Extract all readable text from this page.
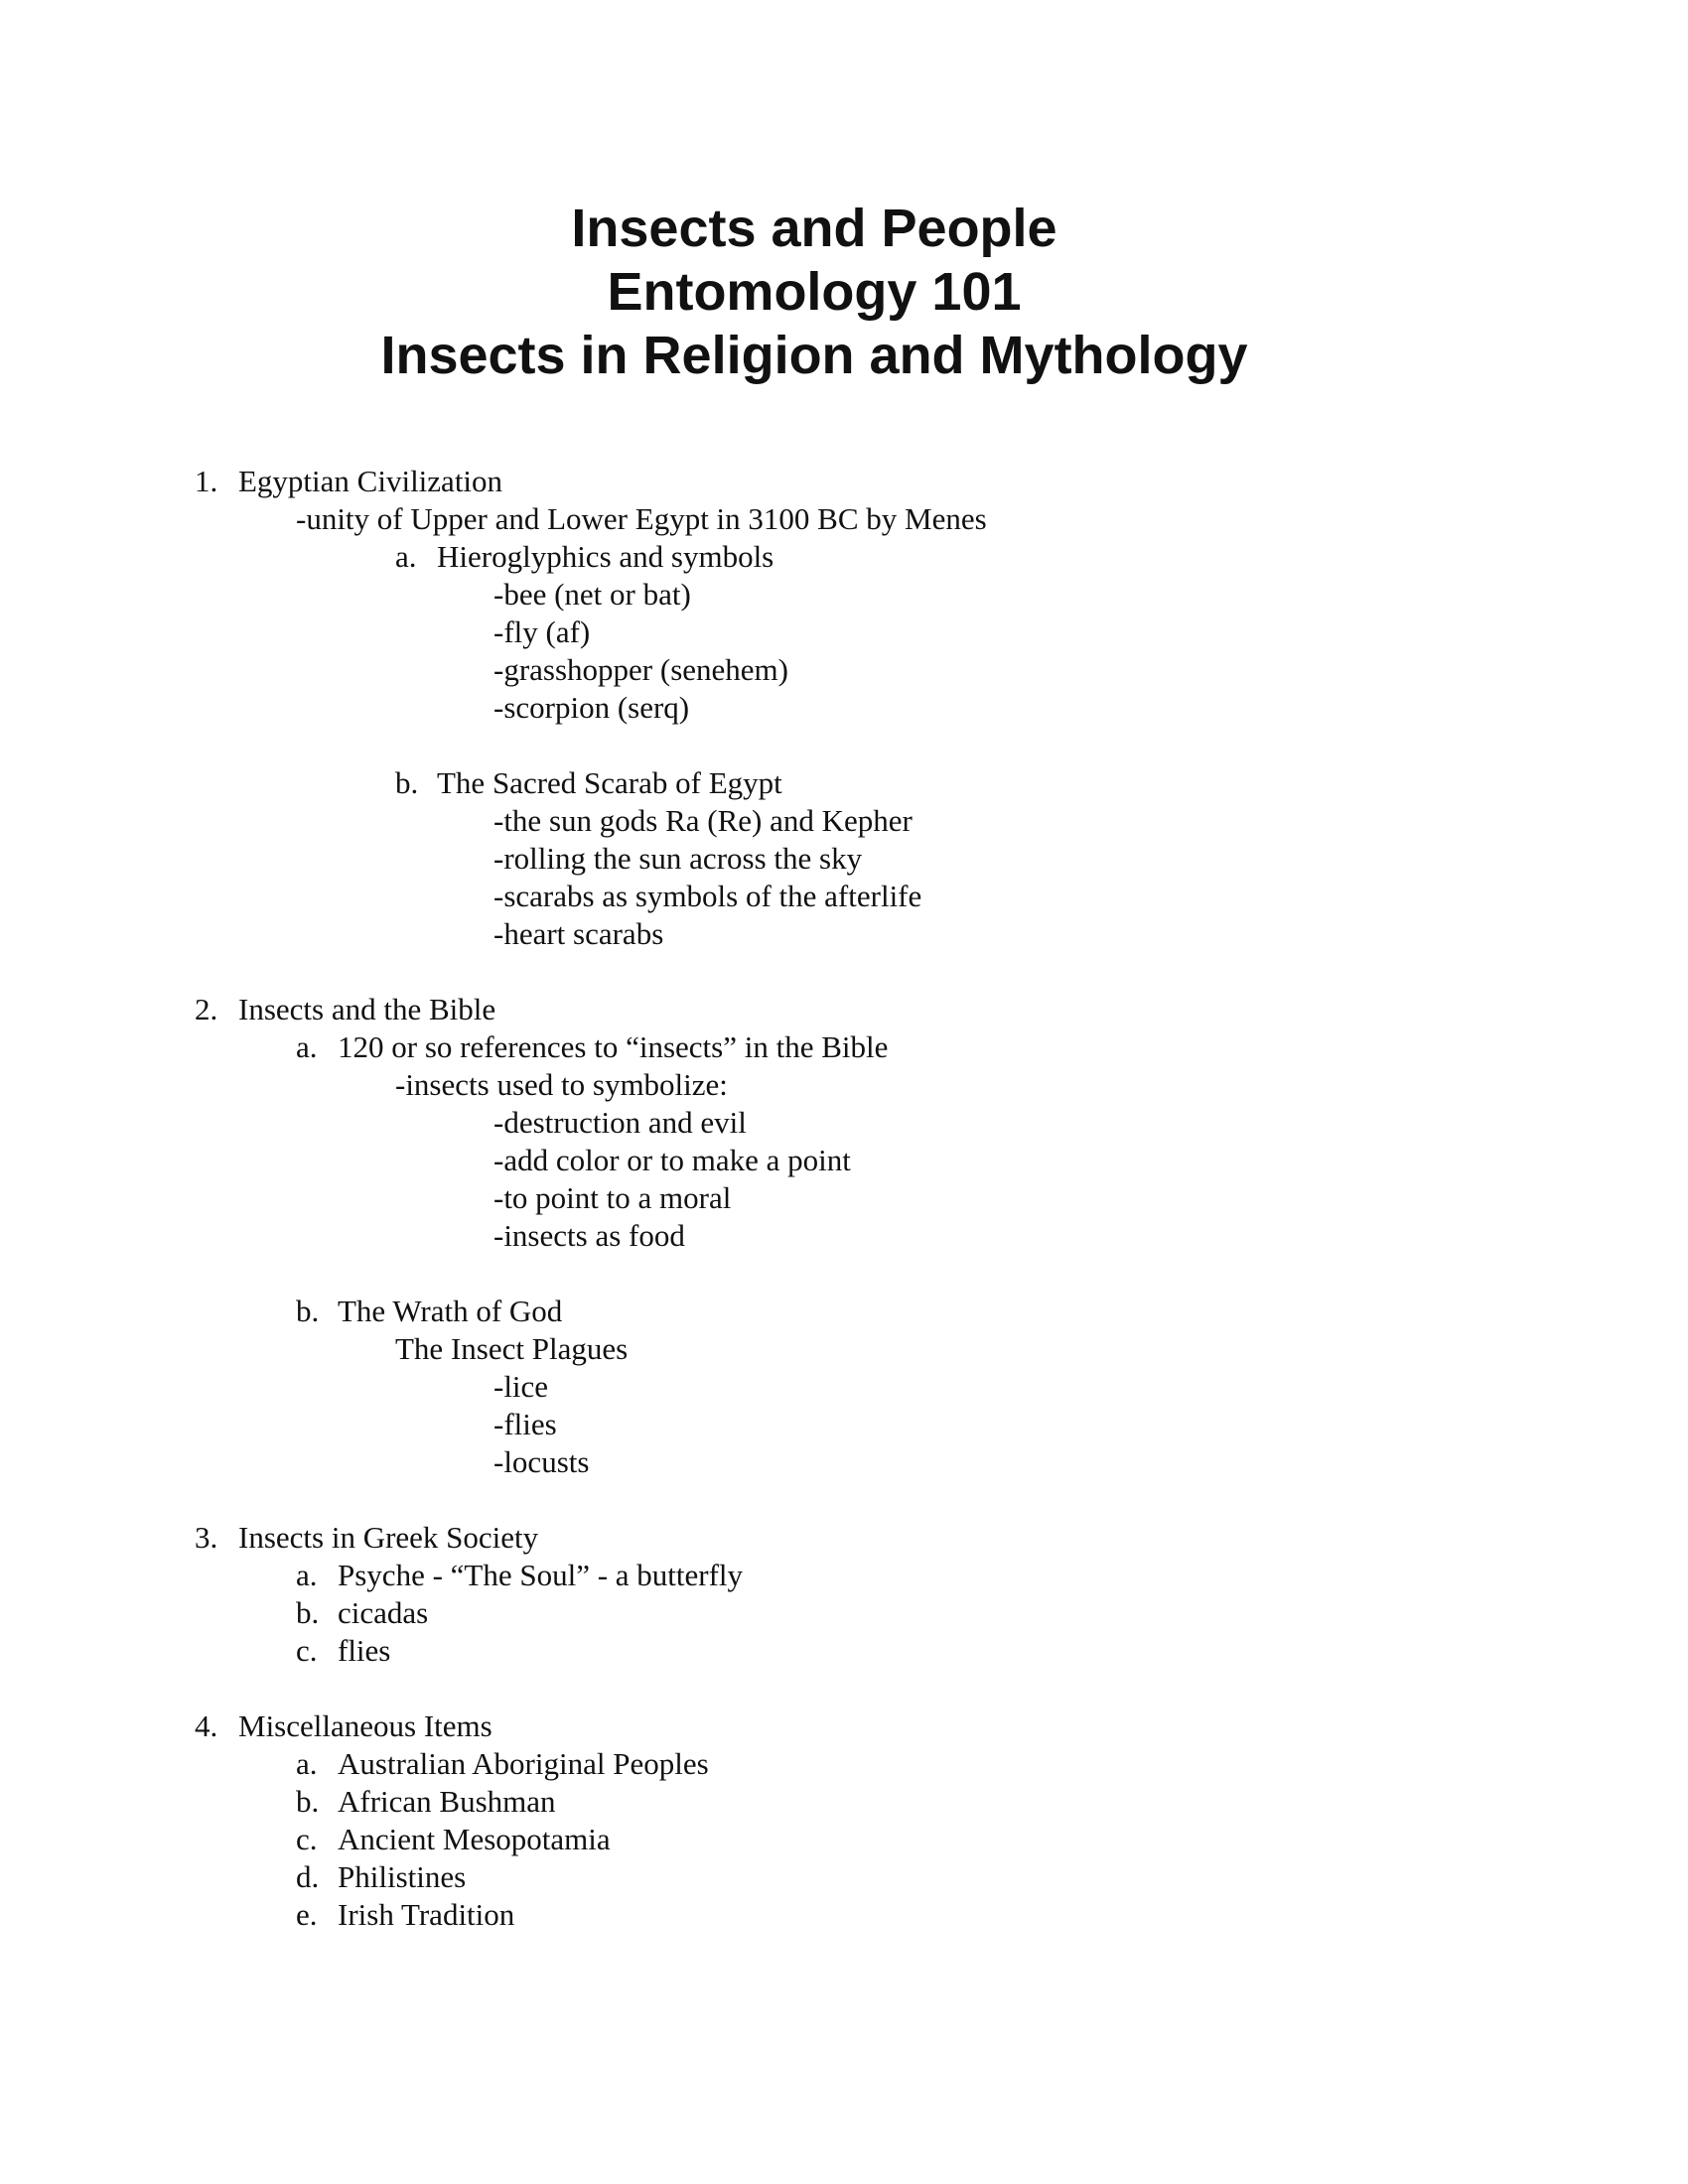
Insects and People
Entomology 101
Insects in Religion and Mythology
1. Egyptian Civilization
-unity of Upper and Lower Egypt in 3100 BC by Menes
a. Hieroglyphics and symbols
-bee (net or bat)
-fly (af)
-grasshopper (senehem)
-scorpion (serq)
b. The Sacred Scarab of Egypt
-the sun gods Ra (Re) and Kepher
-rolling the sun across the sky
-scarabs as symbols of the afterlife
-heart scarabs
2. Insects and the Bible
a. 120 or so references to “insects” in the Bible
-insects used to symbolize:
-destruction and evil
-add color or to make a point
-to point to a moral
-insects as food
b. The Wrath of God
The Insect Plagues
-lice
-flies
-locusts
3. Insects in Greek Society
a. Psyche - “The Soul” - a butterfly
b. cicadas
c. flies
4. Miscellaneous Items
a. Australian Aboriginal Peoples
b. African Bushman
c. Ancient Mesopotamia
d. Philistines
e. Irish Tradition
